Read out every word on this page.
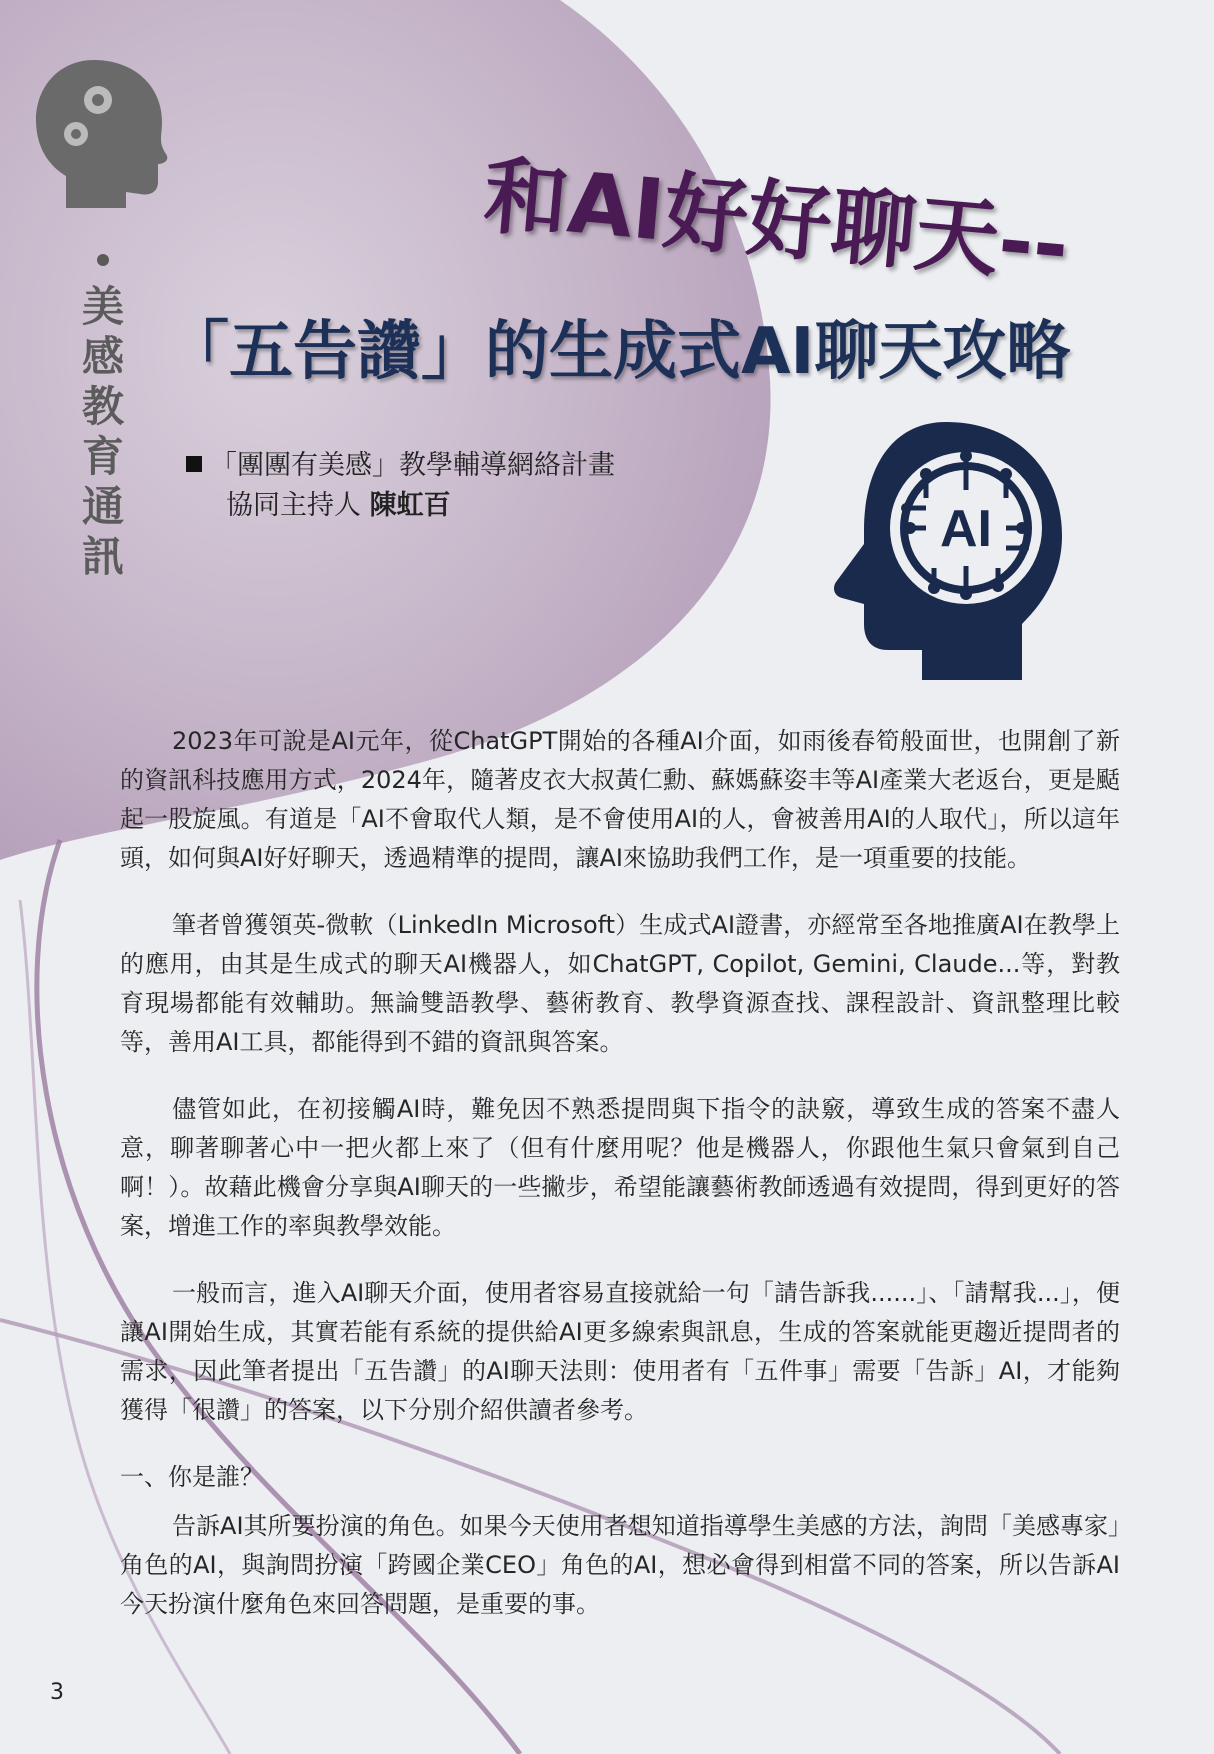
美
感
教
育
通
訊
和AI好好聊天--
「五告讚」的生成式AI聊天攻略
「團團有美感」教學輔導網絡計畫
協同主持人 陳虹百	AI

2023年可說是AI元年，從ChatGPT開始的各種AI介面，如雨後春筍般面世，也開創了新的資訊科技應用方式，2024年，隨著皮衣大叔黃仁勳、蘇媽蘇姿丰等AI產業大老返台，更是颳起一股旋風。有道是「AI不會取代人類，是不會使用AI的人，會被善用AI的人取代」，所以這年頭，如何與AI好好聊天，透過精準的提問，讓AI來協助我們工作，是一項重要的技能。

筆者曾獲領英-微軟（LinkedIn Microsoft）生成式AI證書，亦經常至各地推廣AI在教學上的應用，由其是生成式的聊天AI機器人，如ChatGPT, Copilot, Gemini, Claude...等，對教育現場都能有效輔助。無論雙語教學、藝術教育、教學資源查找、課程設計、資訊整理比較等，善用AI工具，都能得到不錯的資訊與答案。

儘管如此，在初接觸AI時，難免因不熟悉提問與下指令的訣竅，導致生成的答案不盡人意，聊著聊著心中一把火都上來了（但有什麼用呢？他是機器人，你跟他生氣只會氣到自己啊！）。故藉此機會分享與AI聊天的一些撇步，希望能讓藝術教師透過有效提問，得到更好的答案，增進工作的率與教學效能。

一般而言，進入AI聊天介面，使用者容易直接就給一句「請告訴我......」、「請幫我...」，便讓AI開始生成，其實若能有系統的提供給AI更多線索與訊息，生成的答案就能更趨近提問者的需求，因此筆者提出「五告讚」的AI聊天法則：使用者有「五件事」需要「告訴」AI，才能夠獲得「很讚」的答案，以下分別介紹供讀者參考。

一、你是誰？

告訴AI其所要扮演的角色。如果今天使用者想知道指導學生美感的方法，詢問「美感專家」角色的AI，與詢問扮演「跨國企業CEO」角色的AI，想必會得到相當不同的答案，所以告訴AI今天扮演什麼角色來回答問題，是重要的事。

3
